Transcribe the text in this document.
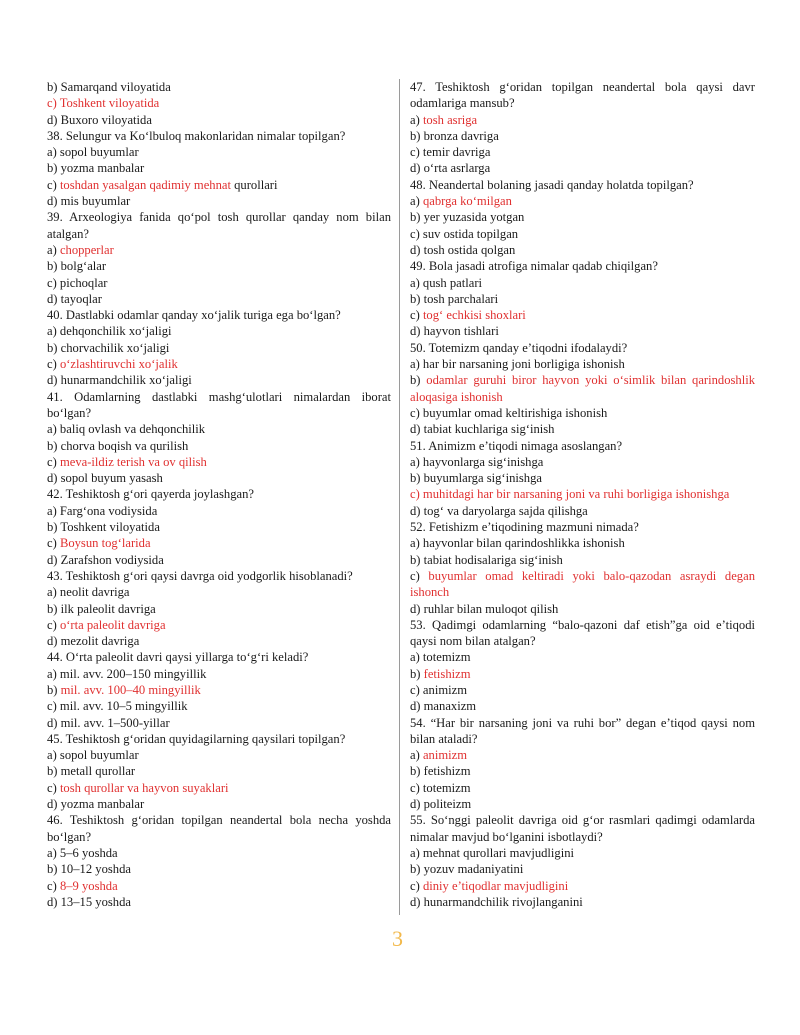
b) Samarqand viloyatida
c) Toshkent viloyatida
d) Buxoro viloyatida
38. Selungur va Ko‘lbuloq makonlaridan nimalar topilgan?
a) sopol buyumlar
b) yozma manbalar
c) toshdan yasalgan qadimiy mehnat qurollari
d) mis buyumlar
39. Arxeologiya fanida qo‘pol tosh qurollar qanday nom bilan atalgan?
a) chopperlar
b) bolg‘alar
c) pichoqlar
d) tayoqlar
40. Dastlabki odamlar qanday xo‘jalik turiga ega bo‘lgan?
a) dehqonchilik xo‘jaligi
b) chorvachilik xo‘jaligi
c) o‘zlashtiruvchi xo‘jalik
d) hunarmandchilik xo‘jaligi
41. Odamlarning dastlabki mashg‘ulotlari nimalardan iborat bo‘lgan?
a) baliq ovlash va dehqonchilik
b) chorva boqish va qurilish
c) meva-ildiz terish va ov qilish
d) sopol buyum yasash
42. Teshiktosh g‘ori qayerda joylashgan?
a) Farg‘ona vodiysida
b) Toshkent viloyatida
c) Boysun tog‘larida
d) Zarafshon vodiysida
43. Teshiktosh g‘ori qaysi davrga oid yodgorlik hisoblanadi?
a) neolit davriga
b) ilk paleolit davriga
c) o‘rta paleolit davriga
d) mezolit davriga
44. O‘rta paleolit davri qaysi yillarga to‘g‘ri keladi?
a) mil. avv. 200–150 mingyillik
b) mil. avv. 100–40 mingyillik
c) mil. avv. 10–5 mingyillik
d) mil. avv. 1–500-yillar
45. Teshiktosh g‘oridan quyidagilarning qaysilari topilgan?
a) sopol buyumlar
b) metall qurollar
c) tosh qurollar va hayvon suyaklari
d) yozma manbalar
46. Teshiktosh g‘oridan topilgan neandertal bola necha yoshda bo‘lgan?
a) 5–6 yoshda
b) 10–12 yoshda
c) 8–9 yoshda
d) 13–15 yoshda
47. Teshiktosh g‘oridan topilgan neandertal bola qaysi davr odamlariga mansub?
a) tosh asriga
b) bronza davriga
c) temir davriga
d) o‘rta asrlarga
48. Neandertal bolaning jasadi qanday holatda topilgan?
a) qabrga ko‘milgan
b) yer yuzasida yotgan
c) suv ostida topilgan
d) tosh ostida qolgan
49. Bola jasadi atrofiga nimalar qadab chiqilgan?
a) qush patlari
b) tosh parchalari
c) tog‘ echkisi shoxlari
d) hayvon tishlari
50. Totemizm qanday e’tiqodni ifodalaydi?
a) har bir narsaning joni borligiga ishonish
b) odamlar guruhi biror hayvon yoki o‘simlik bilan qarindoshlik aloqasiga ishonish
c) buyumlar omad keltirishiga ishonish
d) tabiat kuchlariga sig‘inish
51. Animizm e’tiqodi nimaga asoslangan?
a) hayvonlarga sig‘inishga
b) buyumlarga sig‘inishga
c) muhitdagi har bir narsaning joni va ruhi borligiga ishonishga
d) tog‘ va daryolarga sajda qilishga
52. Fetishizm e’tiqodining mazmuni nimada?
a) hayvonlar bilan qarindoshlikka ishonish
b) tabiat hodisalariga sig‘inish
c) buyumlar omad keltiradi yoki balo-qazodan asraydi degan ishonch
d) ruhlar bilan muloqot qilish
53. Qadimgi odamlarning “balo-qazoni daf etish”ga oid e’tiqodi qaysi nom bilan atalgan?
a) totemizm
b) fetishizm
c) animizm
d) manaxizm
54. “Har bir narsaning joni va ruhi bor” degan e’tiqod qaysi nom bilan ataladi?
a) animizm
b) fetishizm
c) totemizm
d) politeizm
55. So‘nggi paleolit davriga oid g‘or rasmlari qadimgi odamlarda nimalar mavjud bo‘lganini isbotlaydi?
a) mehnat qurollari mavjudligini
b) yozuv madaniyatini
c) diniy e’tiqodlar mavjudligini
d) hunarmandchilik rivojlanganini
3
